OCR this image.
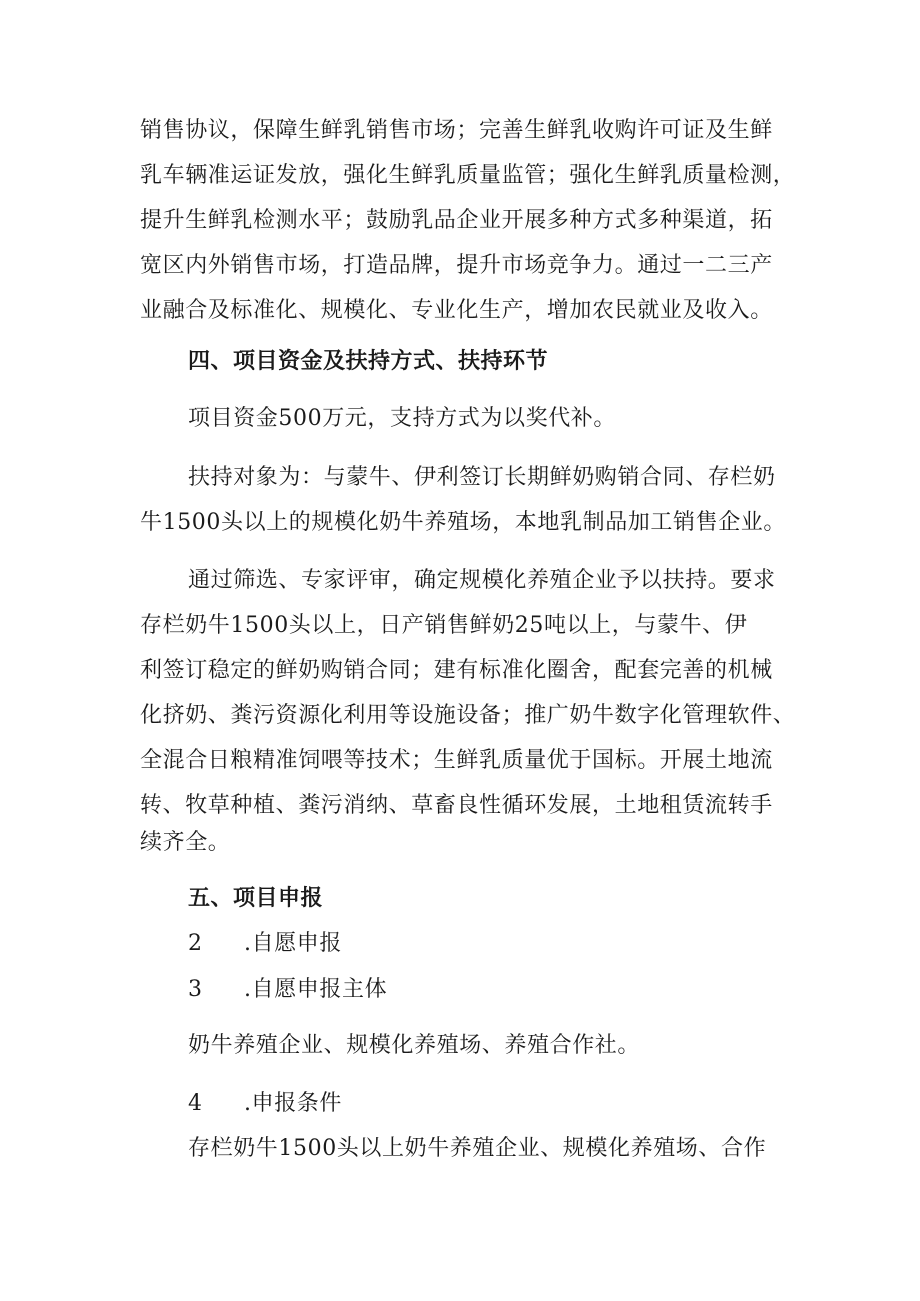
销售协议，保障生鲜乳销售市场；完善生鲜乳收购许可证及生鲜
乳车辆准运证发放，强化生鲜乳质量监管；强化生鲜乳质量检测，
提升生鲜乳检测水平；鼓励乳品企业开展多种方式多种渠道，拓
宽区内外销售市场，打造品牌，提升市场竞争力。通过一二三产
业融合及标准化、规模化、专业化生产，增加农民就业及收入。
四、项目资金及扶持方式、扶持环节
项目资金500万元，支持方式为以奖代补。
扶持对象为：与蒙牛、伊利签订长期鲜奶购销合同、存栏奶
牛1500头以上的规模化奶牛养殖场，本地乳制品加工销售企业。
通过筛选、专家评审，确定规模化养殖企业予以扶持。要求
存栏奶牛1500头以上，日产销售鲜奶25吨以上，与蒙牛、伊
利签订稳定的鲜奶购销合同；建有标准化圈舍，配套完善的机械
化挤奶、粪污资源化利用等设施设备；推广奶牛数字化管理软件、
全混合日粮精准饲喂等技术；生鲜乳质量优于国标。开展土地流
转、牧草种植、粪污消纳、草畜良性循环发展，土地租赁流转手
续齐全。
五、项目申报
2 .自愿申报
3 .自愿申报主体
奶牛养殖企业、规模化养殖场、养殖合作社。
4 .申报条件
存栏奶牛1500头以上奶牛养殖企业、规模化养殖场、合作
